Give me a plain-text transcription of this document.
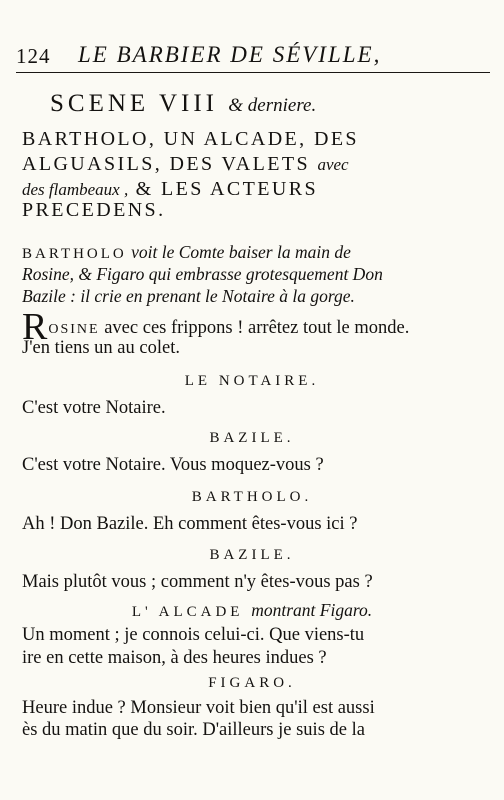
124 LE BARBIER DE SÉVILLE,
SCENE VIII & derniere.
BARTHOLO, UN ALCADE, DES
ALGUASILS, DES VALETS avec
des flambeaux , & LES ACTEURS
PRECEDENS.
BARTHOLO voit le Comte baiser la main de
Rosine, & Figaro qui embrasse grotesquement Don
Bazile : il crie en prenant le Notaire à la gorge.
ROSINE avec ces frippons ! arrêtez tout le monde.
J'en tiens un au colet.
LE NOTAIRE.
C'est votre Notaire.
BAZILE.
C'est votre Notaire. Vous moquez-vous ?
BARTHOLO.
Ah ! Don Bazile. Eh comment êtes-vous ici ?
BAZILE.
Mais plutôt vous ; comment n'y êtes-vous pas ?
L' ALCADE montrant Figaro.
Un moment ; je connois celui-ci. Que viens-tu
ire en cette maison, à des heures indues ?
FIGARO.
Heure indue ? Monsieur voit bien qu'il est aussi
ès du matin que du soir. D'ailleurs je suis de la
